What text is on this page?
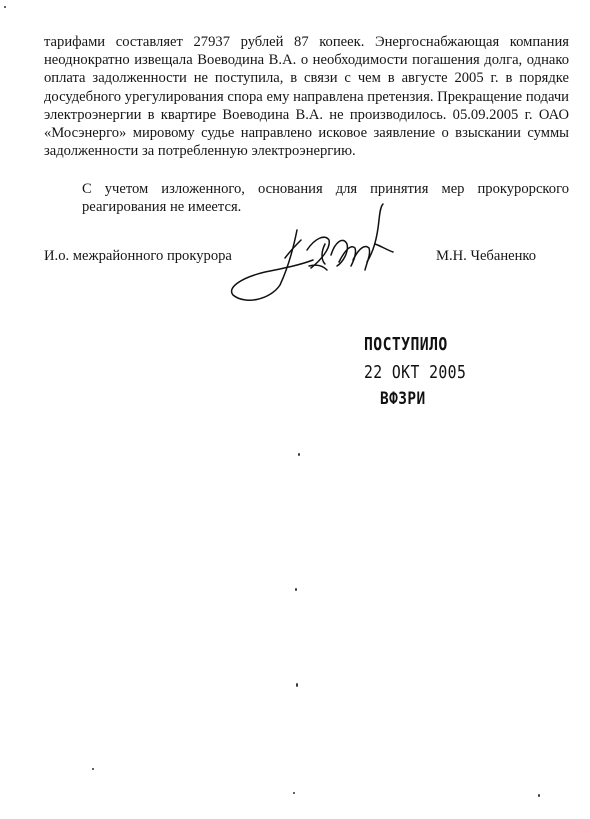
тарифами составляет 27937 рублей 87 копеек. Энергоснабжающая компания неоднократно извещала Воеводина В.А. о необходимости погашения долга, однако оплата задолженности не поступила, в связи с чем в августе 2005 г. в порядке досудебного урегулирования спора ему направлена претензия. Прекращение подачи электроэнергии в квартире Воеводина В.А. не производилось. 05.09.2005 г. ОАО «Мосэнерго» мировому судье направлено исковое заявление о взыскании суммы задолженности за потребленную электроэнергию.

С учетом изложенного, основания для принятия мер прокурорского реагирования не имеется.

И.о. межрайонного прокурора	М.Н. Чебаненко
ПОСТУПИЛО
22 ОКТ 2005
ВФЗРИ
